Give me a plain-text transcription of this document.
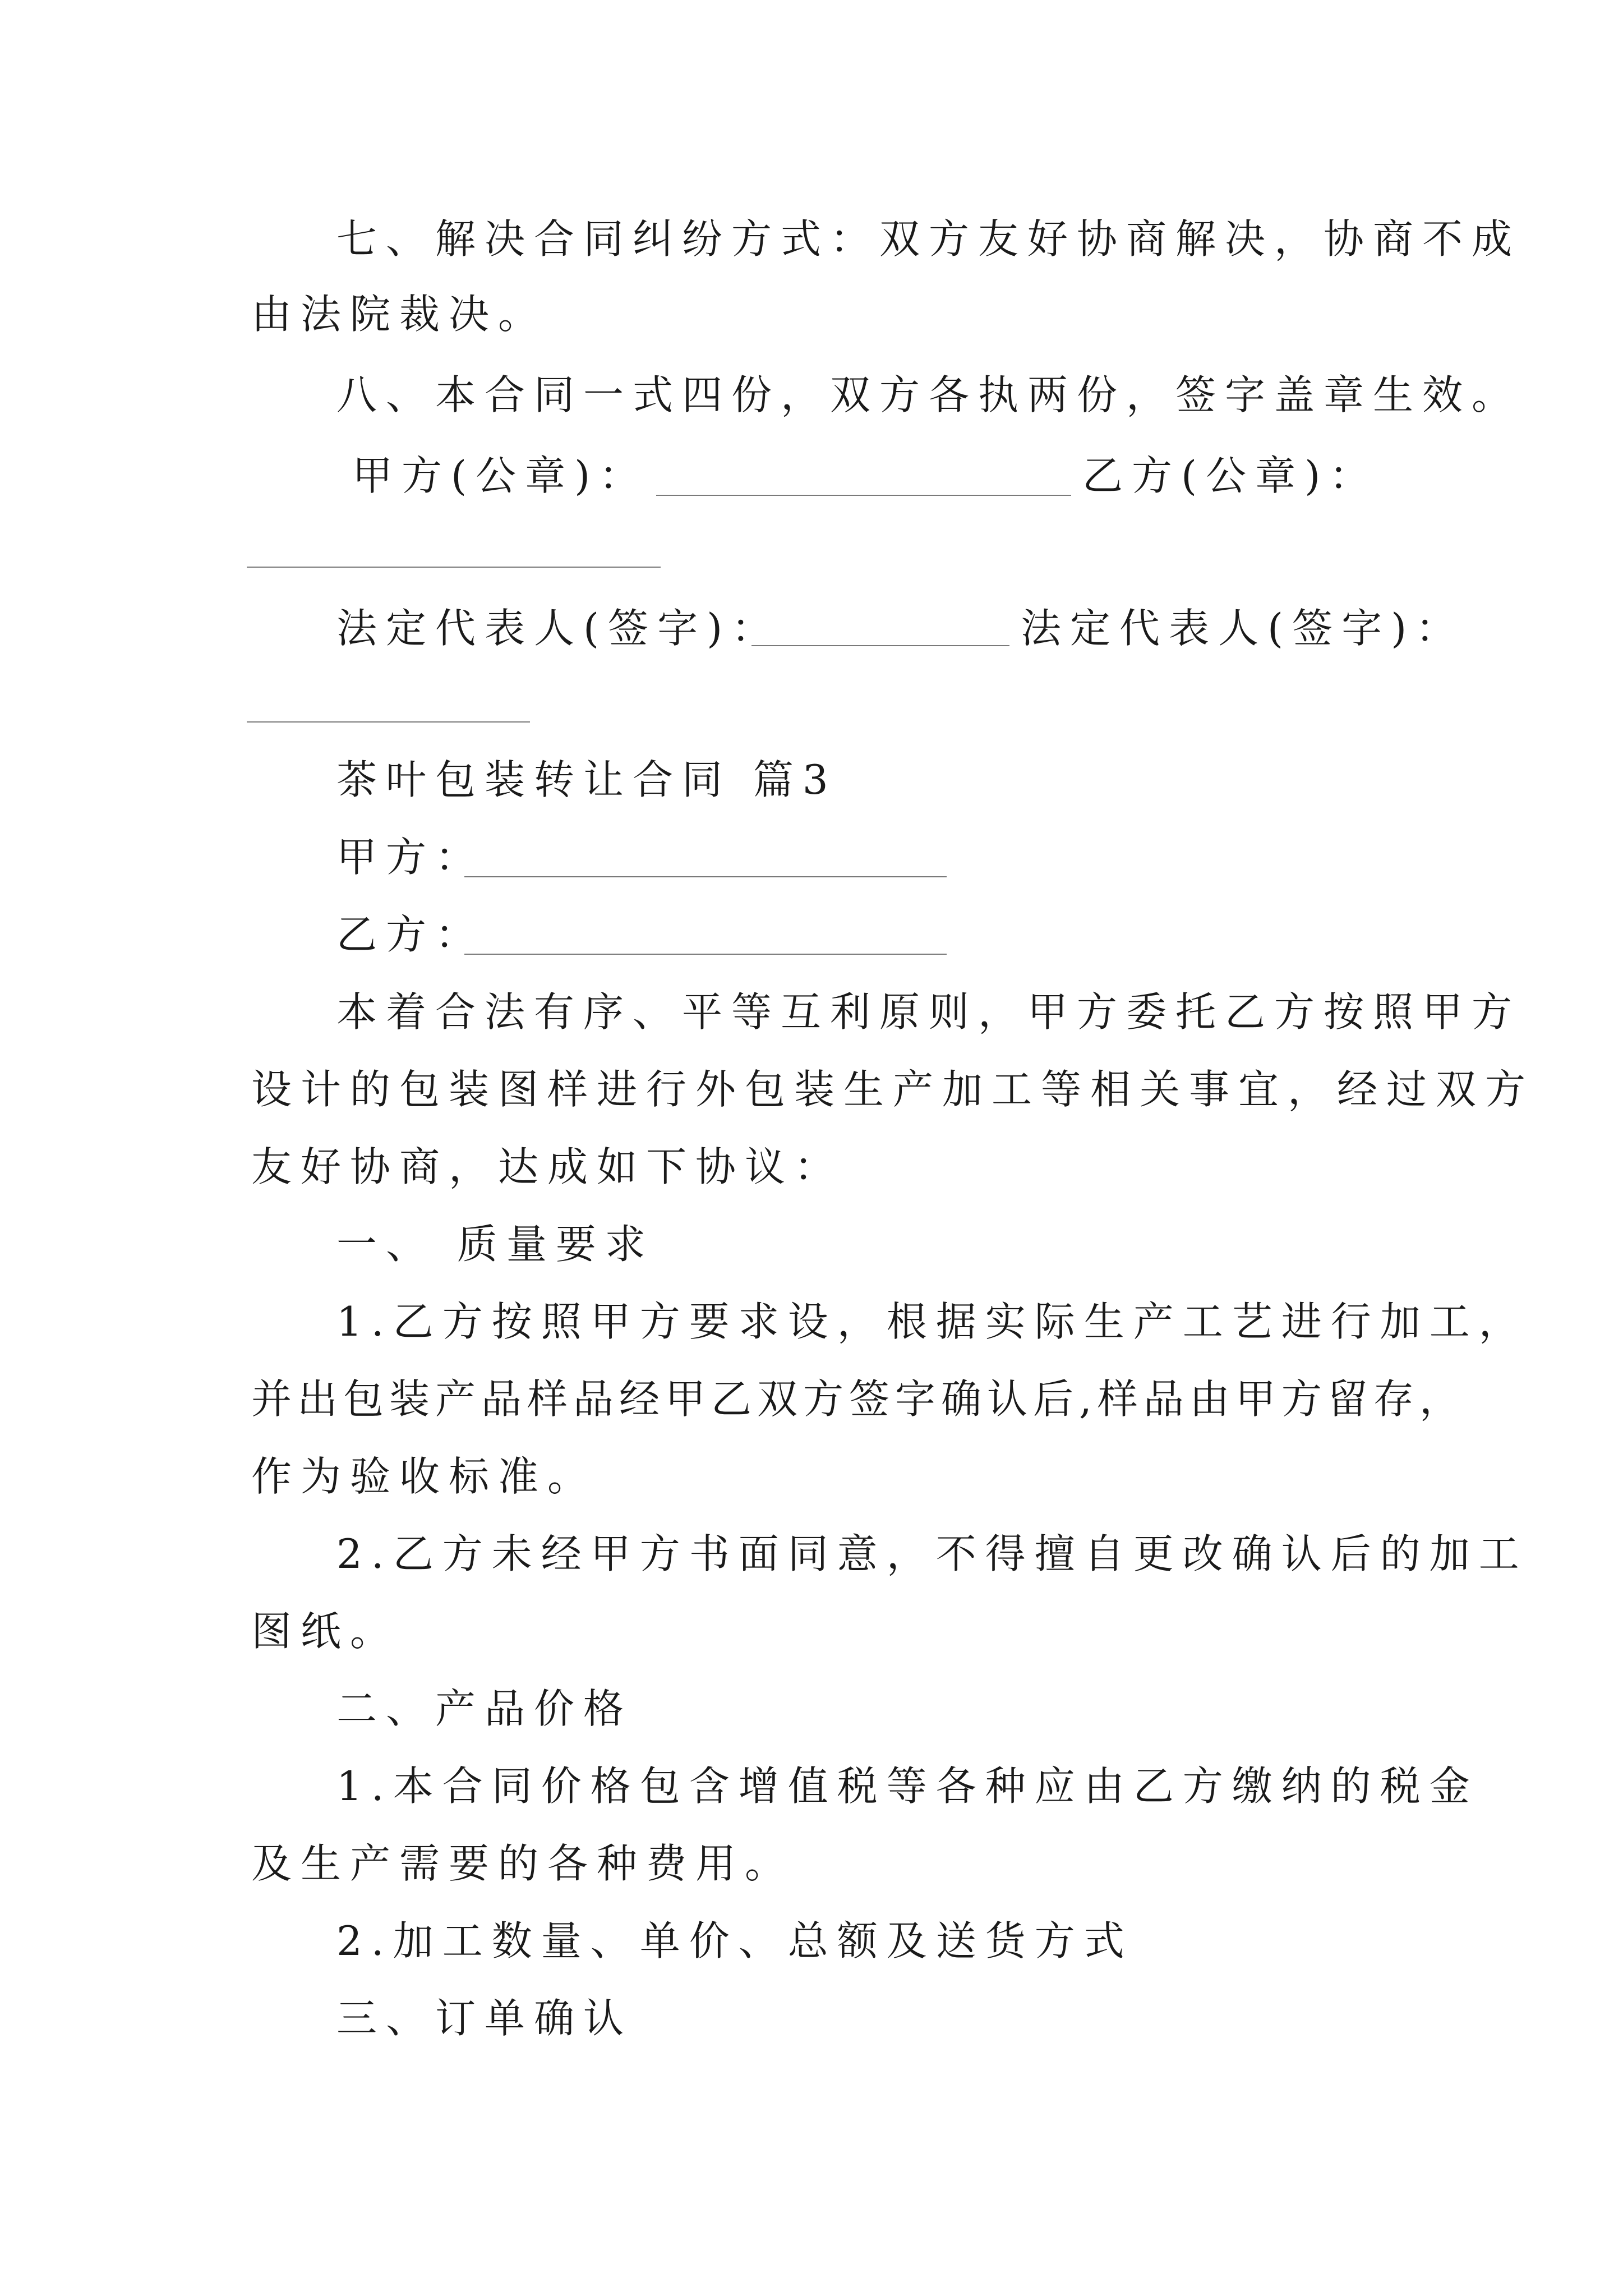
七、解决合同纠纷方式：双方友好协商解决，协商不成
由法院裁决。
八、本合同一式四份，双方各执两份，签字盖章生效。
甲方(公章)：	乙方(公章)：
法定代表人(签字)：	法定代表人(签字)：
茶叶包装转让合同 篇3
甲方：
乙方：
本着合法有序、平等互利原则，甲方委托乙方按照甲方
设计的包装图样进行外包装生产加工等相关事宜，经过双方
友好协商，达成如下协议：
一、 质量要求
1.乙方按照甲方要求设，根据实际生产工艺进行加工，
并出包装产品样品经甲乙双方签字确认后,样品由甲方留存，
作为验收标准。
2.乙方未经甲方书面同意，不得擅自更改确认后的加工
图纸。
二、产品价格
1.本合同价格包含增值税等各种应由乙方缴纳的税金
及生产需要的各种费用。
2.加工数量、单价、总额及送货方式
三、订单确认
